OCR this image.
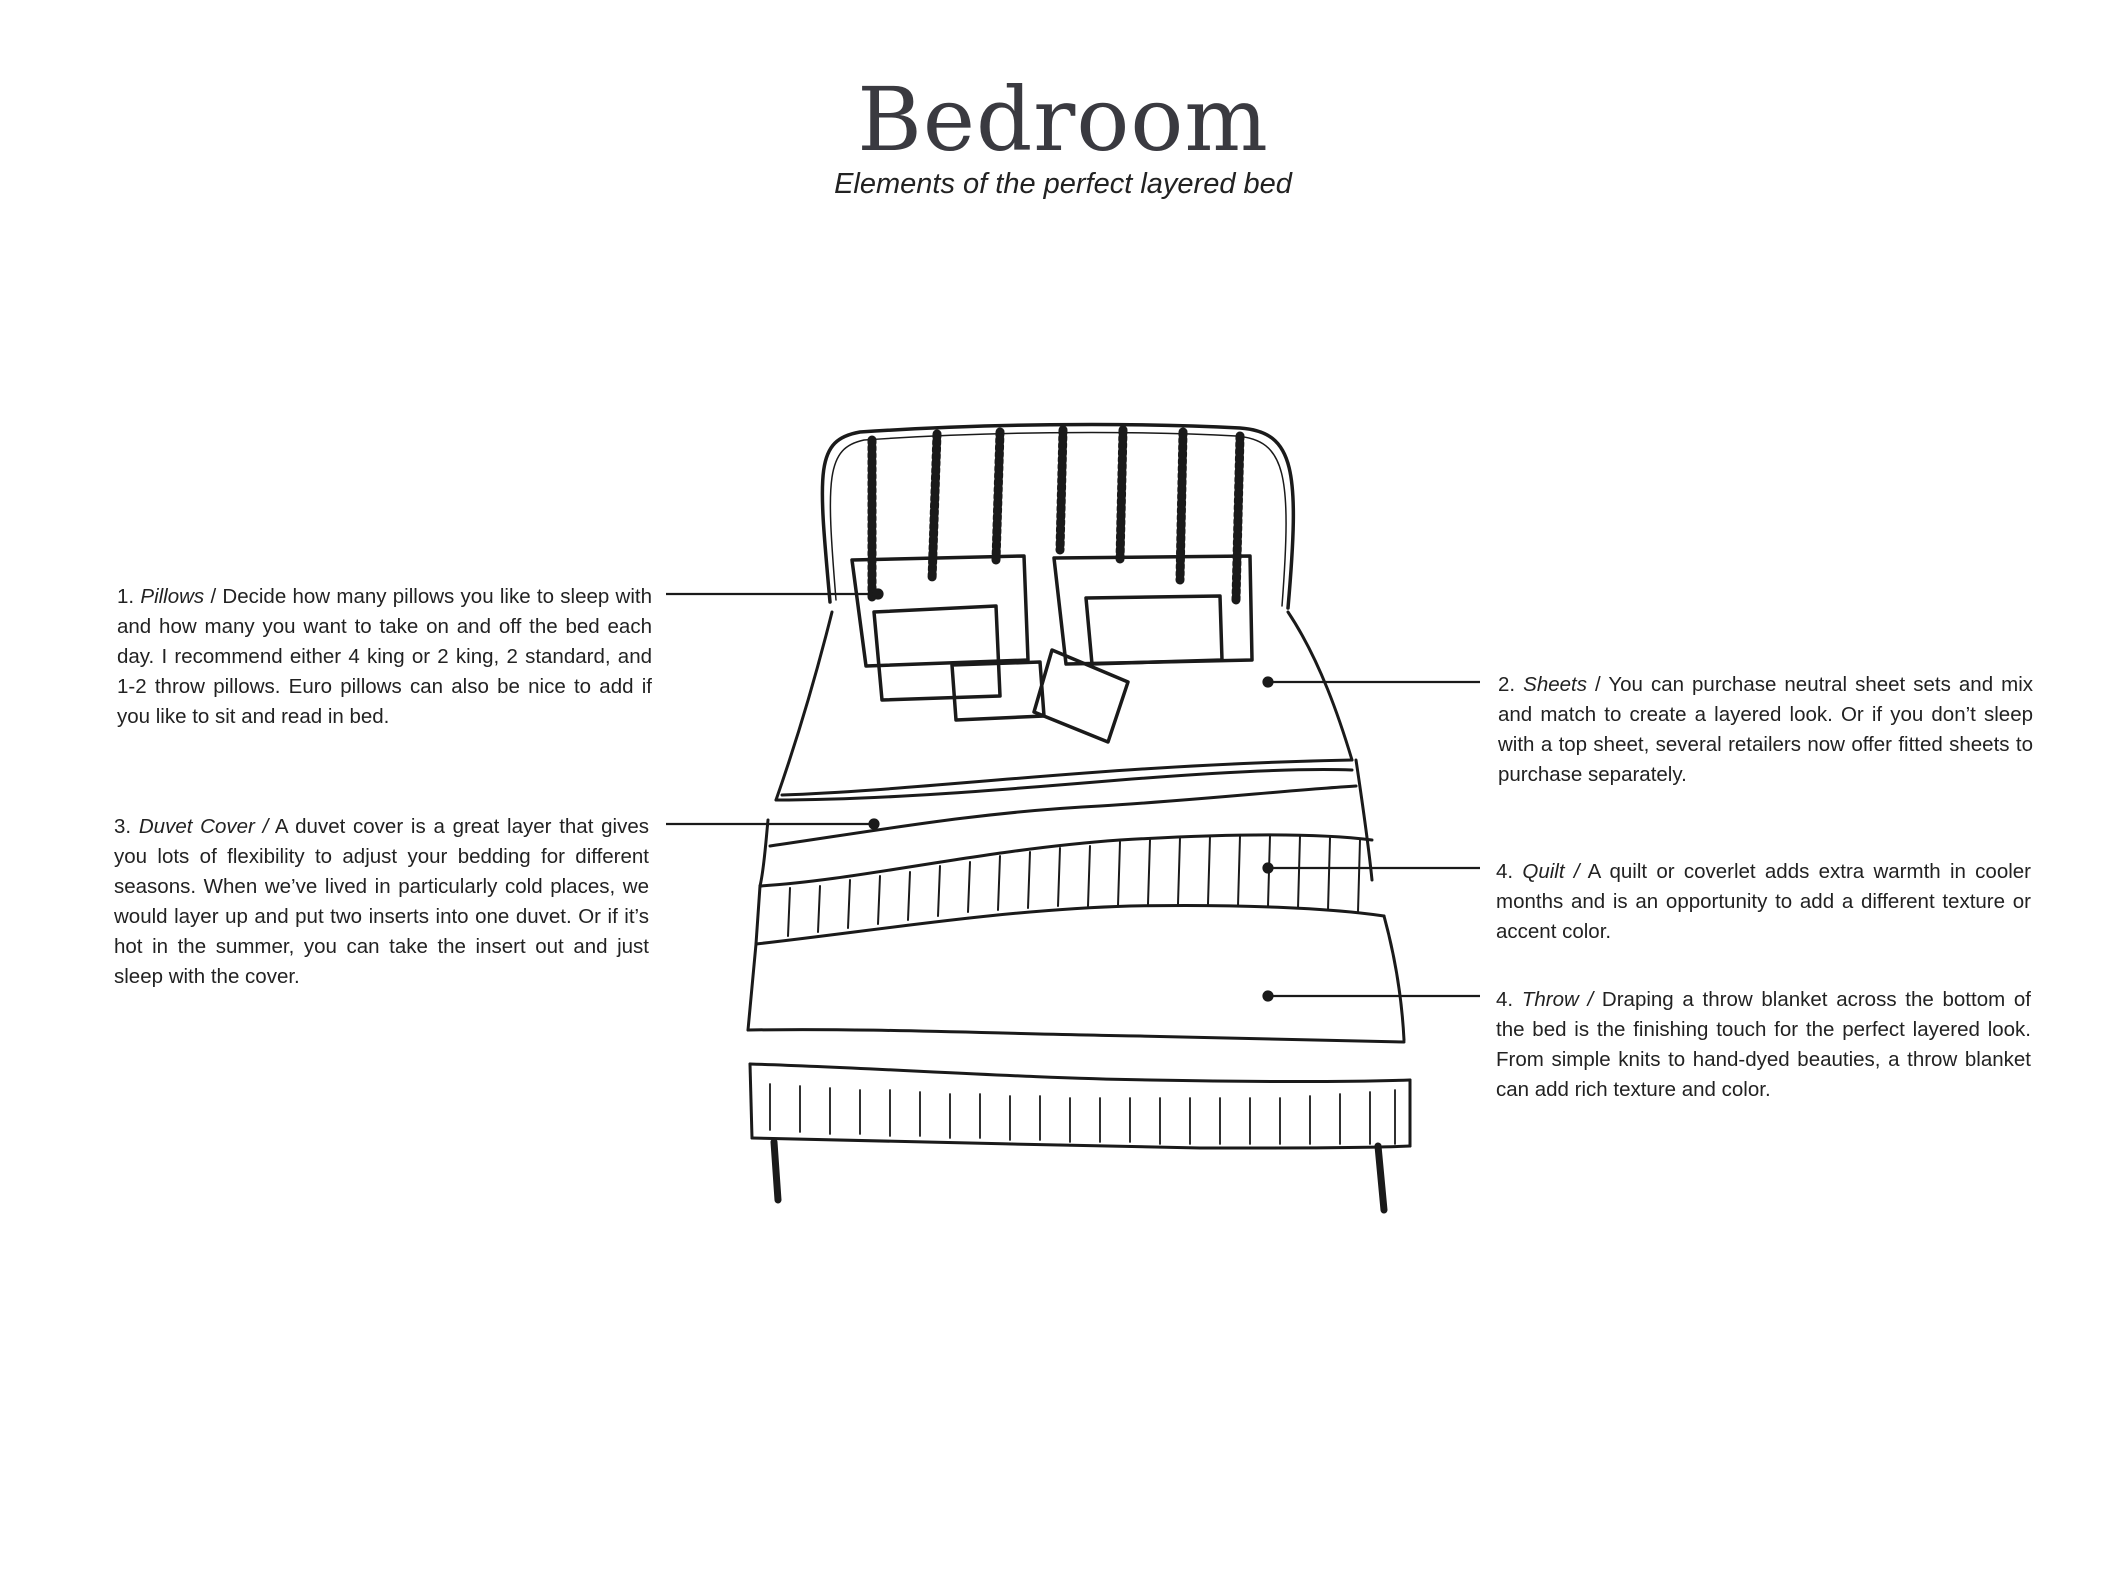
Bedroom

Elements of the perfect layered bed

1. Pillows / Decide how many pillows you like to sleep with and how many you want to take on and off the bed each day. I recommend either 4 king or 2 king, 2 standard, and 1-2 throw pillows. Euro pillows can also be nice to add if you like to sit and read in bed.
3. Duvet Cover / A duvet cover is a great layer that gives you lots of flexibility to adjust your bedding for different seasons. When we’ve lived in particularly cold places, we would layer up and put two inserts into one duvet. Or if it’s hot in the summer, you can take the insert out and just sleep with the cover.
2. Sheets / You can purchase neutral sheet sets and mix and match to create a layered look. Or if you don’t sleep with a top sheet, several retailers now offer fitted sheets to purchase separately.
4. Quilt / A quilt or coverlet adds extra warmth in cooler months and is an opportunity to add a different texture or accent color.
4. Throw / Draping a throw blanket across the bottom of the bed is the finishing touch for the perfect layered look. From simple knits to hand-dyed beauties, a throw blanket can add rich texture and color.
